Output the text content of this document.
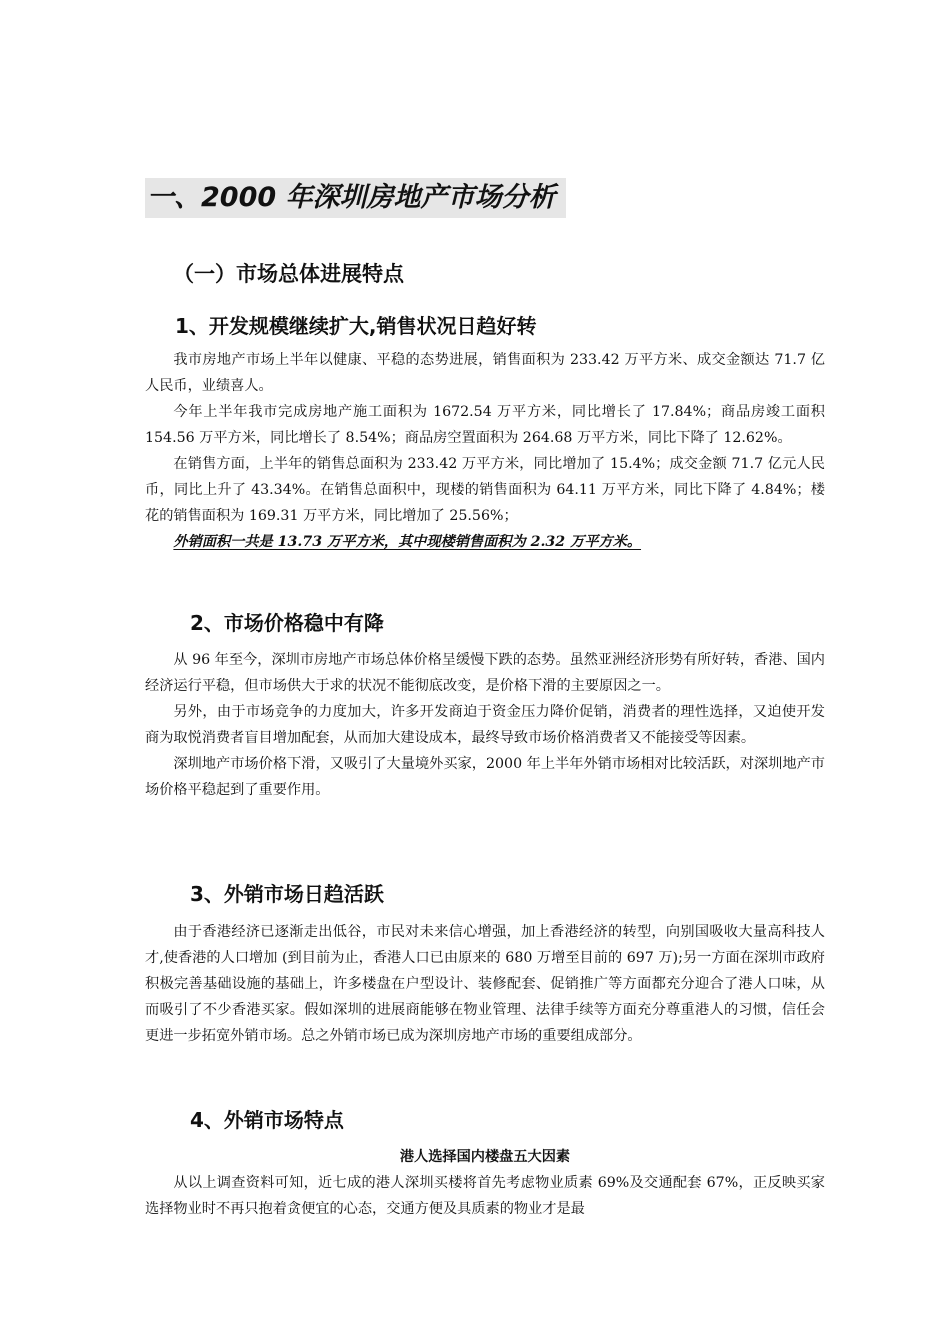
一、2000 年深圳房地产市场分析
（一）市场总体进展特点
1、开发规模继续扩大,销售状况日趋好转

我市房地产市场上半年以健康、平稳的态势进展，销售面积为 233.42 万平方米、成交金额达 71.7 亿人民币，业绩喜人。

今年上半年我市完成房地产施工面积为 1672.54 万平方米，同比增长了 17.84%；商品房竣工面积 154.56 万平方米，同比增长了 8.54%；商品房空置面积为 264.68 万平方米，同比下降了 12.62%。

在销售方面，上半年的销售总面积为 233.42 万平方米，同比增加了 15.4%；成交金额 71.7 亿元人民币，同比上升了 43.34%。在销售总面积中，现楼的销售面积为 64.11 万平方米，同比下降了 4.84%；楼花的销售面积为 169.31 万平方米，同比增加了 25.56%；

外销面积一共是 13.73 万平方米，其中现楼销售面积为 2.32 万平方米。

2、市场价格稳中有降

从 96 年至今，深圳市房地产市场总体价格呈缓慢下跌的态势。虽然亚洲经济形势有所好转，香港、国内经济运行平稳，但市场供大于求的状况不能彻底改变，是价格下滑的主要原因之一。

另外，由于市场竞争的力度加大，许多开发商迫于资金压力降价促销，消费者的理性选择，又迫使开发商为取悦消费者盲目增加配套，从而加大建设成本，最终导致市场价格消费者又不能接受等因素。

深圳地产市场价格下滑，又吸引了大量境外买家，2000 年上半年外销市场相对比较活跃，对深圳地产市场价格平稳起到了重要作用。

3、外销市场日趋活跃

由于香港经济已逐渐走出低谷，市民对未来信心增强，加上香港经济的转型，向别国吸收大量高科技人才,使香港的人口增加 (到目前为止，香港人口已由原来的 680 万增至目前的 697 万);另一方面在深圳市政府积极完善基础设施的基础上，许多楼盘在户型设计、装修配套、促销推广等方面都充分迎合了港人口味，从而吸引了不少香港买家。假如深圳的进展商能够在物业管理、法律手续等方面充分尊重港人的习惯，信任会更进一步拓宽外销市场。总之外销市场已成为深圳房地产市场的重要组成部分。

4、外销市场特点
港人选择国内楼盘五大因素

从以上调查资料可知，近七成的港人深圳买楼将首先考虑物业质素 69%及交通配套 67%，正反映买家选择物业时不再只抱着贪便宜的心态，交通方便及具质素的物业才是最
